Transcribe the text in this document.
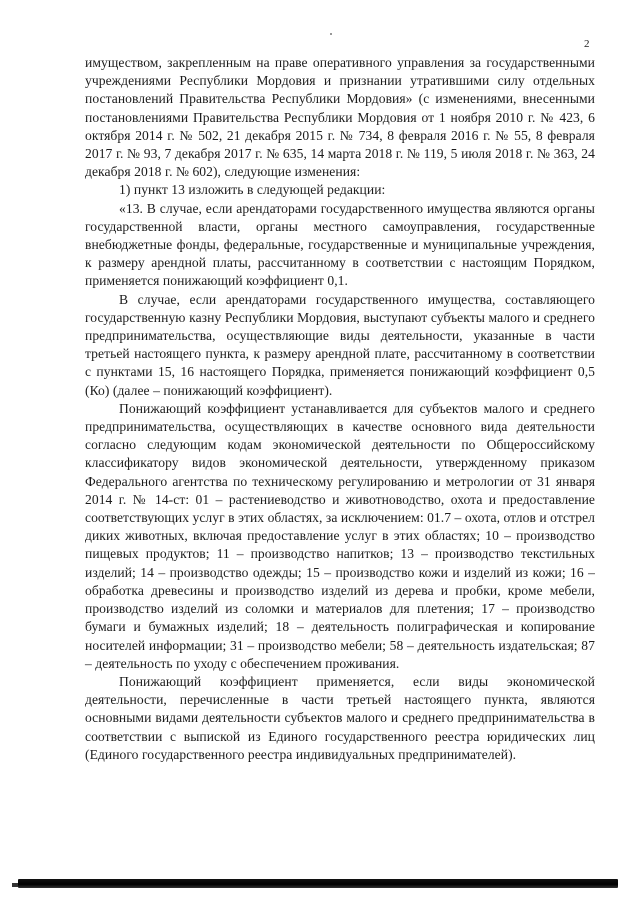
2

имуществом, закрепленным на праве оперативного управления за государственными учреждениями Республики Мордовия и признании утратившими силу отдельных постановлений Правительства Республики Мордовия» (с изменениями, внесенными постановлениями Правительства Республики Мордовия от 1 ноября 2010 г. № 423, 6 октября 2014 г. № 502, 21 декабря 2015 г. № 734, 8 февраля 2016 г. № 55, 8 февраля 2017 г. № 93, 7 декабря 2017 г. № 635, 14 марта 2018 г. № 119, 5 июля 2018 г. № 363, 24 декабря 2018 г. № 602), следующие изменения:

1) пункт 13 изложить в следующей редакции:

«13. В случае, если арендаторами государственного имущества являются органы государственной власти, органы местного самоуправления, государственные внебюджетные фонды, федеральные, государственные и муниципальные учреждения, к размеру арендной платы, рассчитанному в соответствии с настоящим Порядком, применяется понижающий коэффициент 0,1.

В случае, если арендаторами государственного имущества, составляющего государственную казну Республики Мордовия, выступают субъекты малого и среднего предпринимательства, осуществляющие виды деятельности, указанные в части третьей настоящего пункта, к размеру арендной плате, рассчитанному в соответствии с пунктами 15, 16 настоящего Порядка, применяется понижающий коэффициент 0,5 (Ко) (далее – понижающий коэффициент).

Понижающий коэффициент устанавливается для субъектов малого и среднего предпринимательства, осуществляющих в качестве основного вида деятельности согласно следующим кодам экономической деятельности по Общероссийскому классификатору видов экономической деятельности, утвержденному приказом Федерального агентства по техническому регулированию и метрологии от 31 января 2014 г. № 14-ст: 01 – растениеводство и животноводство, охота и предоставление соответствующих услуг в этих областях, за исключением: 01.7 – охота, отлов и отстрел диких животных, включая предоставление услуг в этих областях; 10 – производство пищевых продуктов; 11 – производство напитков; 13 – производство текстильных изделий; 14 – производство одежды; 15 – производство кожи и изделий из кожи; 16 – обработка древесины и производство изделий из дерева и пробки, кроме мебели, производство изделий из соломки и материалов для плетения; 17 – производство бумаги и бумажных изделий; 18 – деятельность полиграфическая и копирование носителей информации; 31 – производство мебели; 58 – деятельность издательская; 87 – деятельность по уходу с обеспечением проживания.

Понижающий коэффициент применяется, если виды экономической деятельности, перечисленные в части третьей настоящего пункта, являются основными видами деятельности субъектов малого и среднего предпринимательства в соответствии с выпиской из Единого государственного реестра юридических лиц (Единого государственного реестра индивидуальных предпринимателей).
